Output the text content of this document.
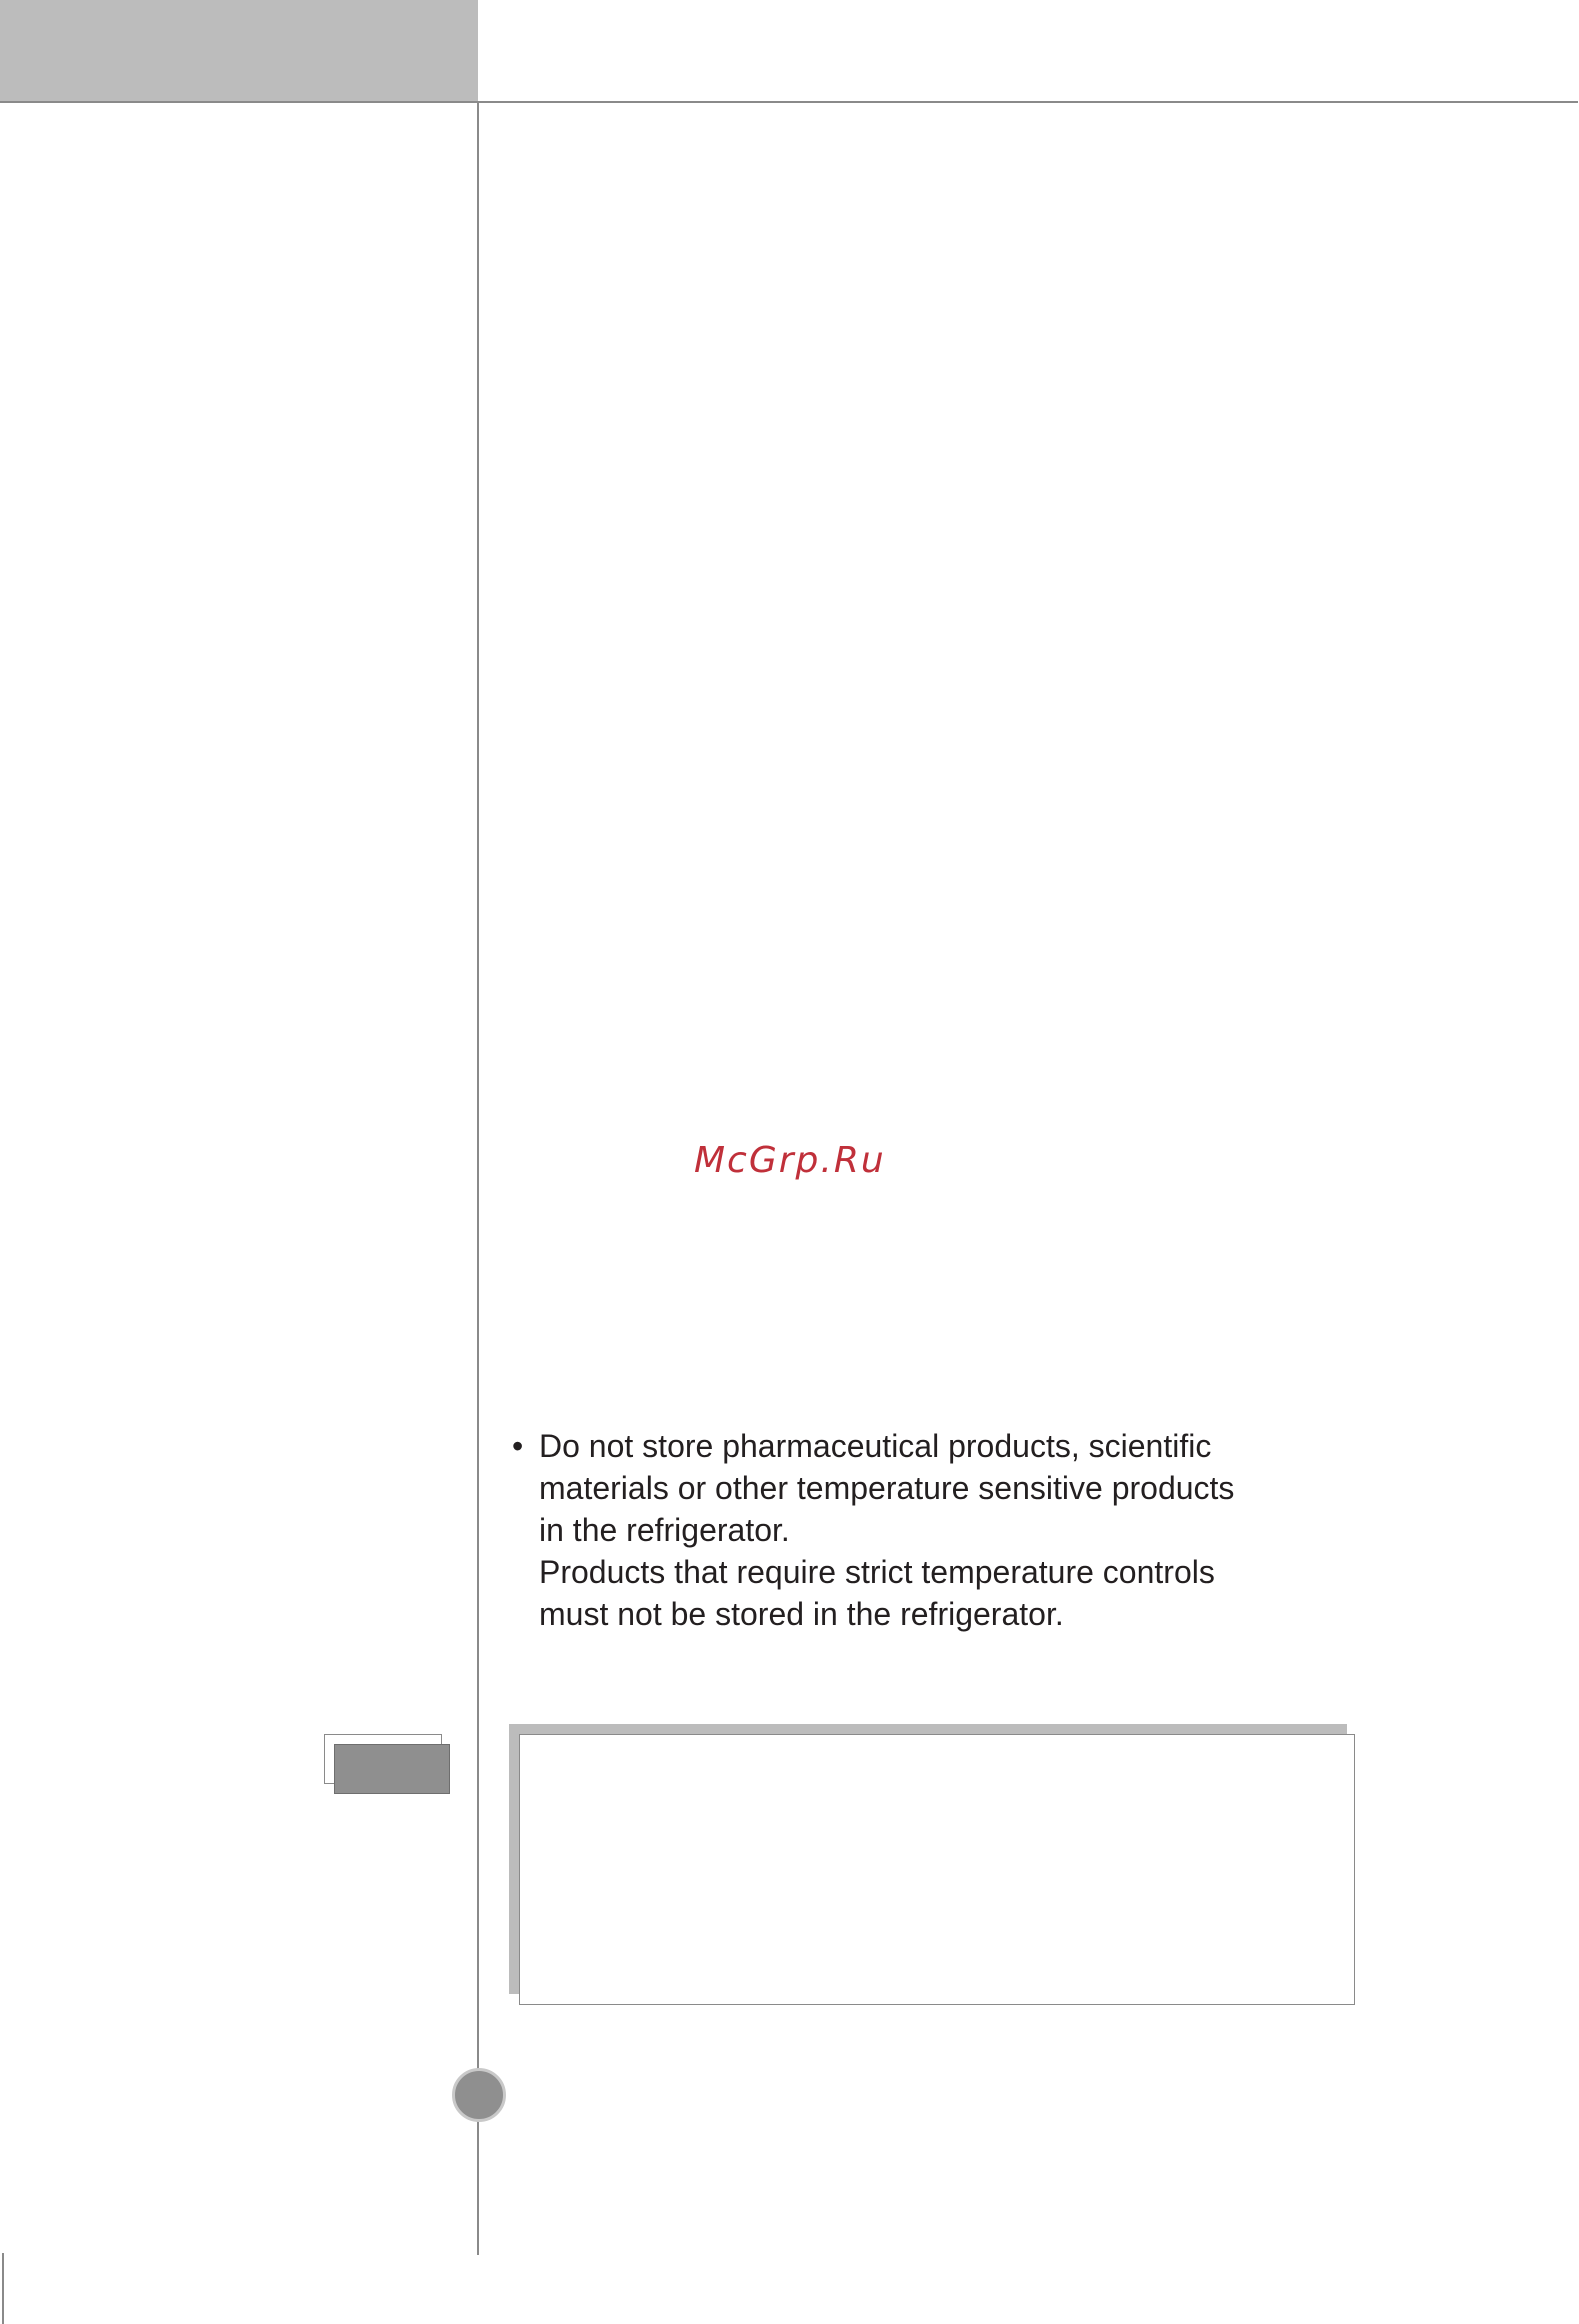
McGrp.Ru
• Do not store pharmaceutical products, scientific

materials or other temperature sensitive products

in the refrigerator.

Products that require strict temperature controls

must not be stored in the refrigerator.
